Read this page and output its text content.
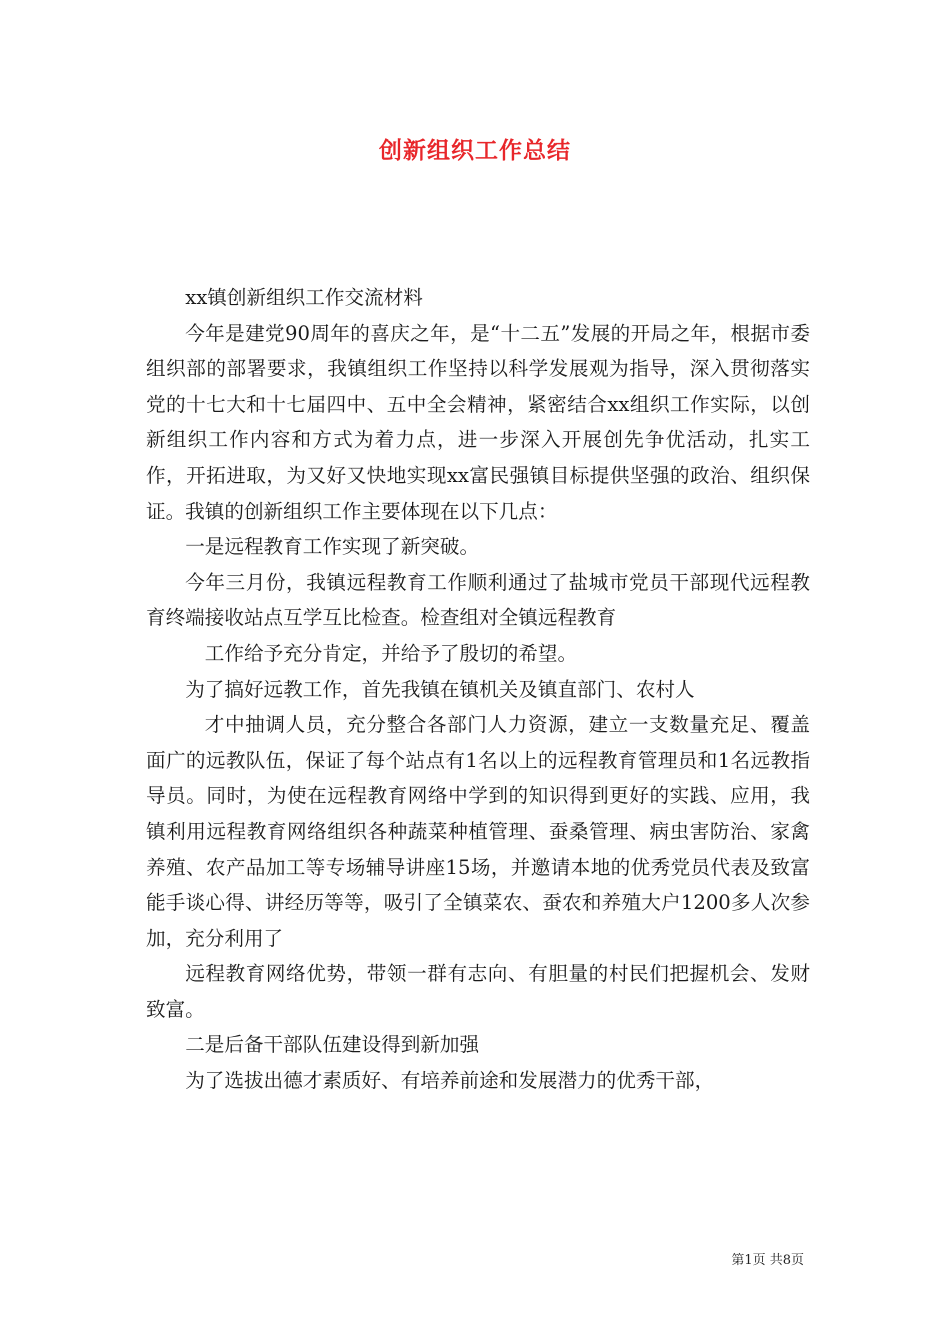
创新组织工作总结

xx镇创新组织工作交流材料

今年是建党90周年的喜庆之年，是“十二五”发展的开局之年，根据市委组织部的部署要求，我镇组织工作坚持以科学发展观为指导，深入贯彻落实党的十七大和十七届四中、五中全会精神，紧密结合xx组织工作实际，以创新组织工作内容和方式为着力点，进一步深入开展创先争优活动，扎实工作，开拓进取，为又好又快地实现xx富民强镇目标提供坚强的政治、组织保证。我镇的创新组织工作主要体现在以下几点：

一是远程教育工作实现了新突破。

今年三月份，我镇远程教育工作顺利通过了盐城市党员干部现代远程教育终端接收站点互学互比检查。检查组对全镇远程教育

工作给予充分肯定，并给予了殷切的希望。

为了搞好远教工作，首先我镇在镇机关及镇直部门、农村人

才中抽调人员，充分整合各部门人力资源，建立一支数量充足、覆盖面广的远教队伍，保证了每个站点有1名以上的远程教育管理员和1名远教指导员。同时，为使在远程教育网络中学到的知识得到更好的实践、应用，我镇利用远程教育网络组织各种蔬菜种植管理、蚕桑管理、病虫害防治、家禽养殖、农产品加工等专场辅导讲座15场，并邀请本地的优秀党员代表及致富能手谈心得、讲经历等等，吸引了全镇菜农、蚕农和养殖大户1200多人次参加，充分利用了

远程教育网络优势，带领一群有志向、有胆量的村民们把握机会、发财致富。

二是后备干部队伍建设得到新加强

为了选拔出德才素质好、有培养前途和发展潜力的优秀干部，

第1页 共8页
